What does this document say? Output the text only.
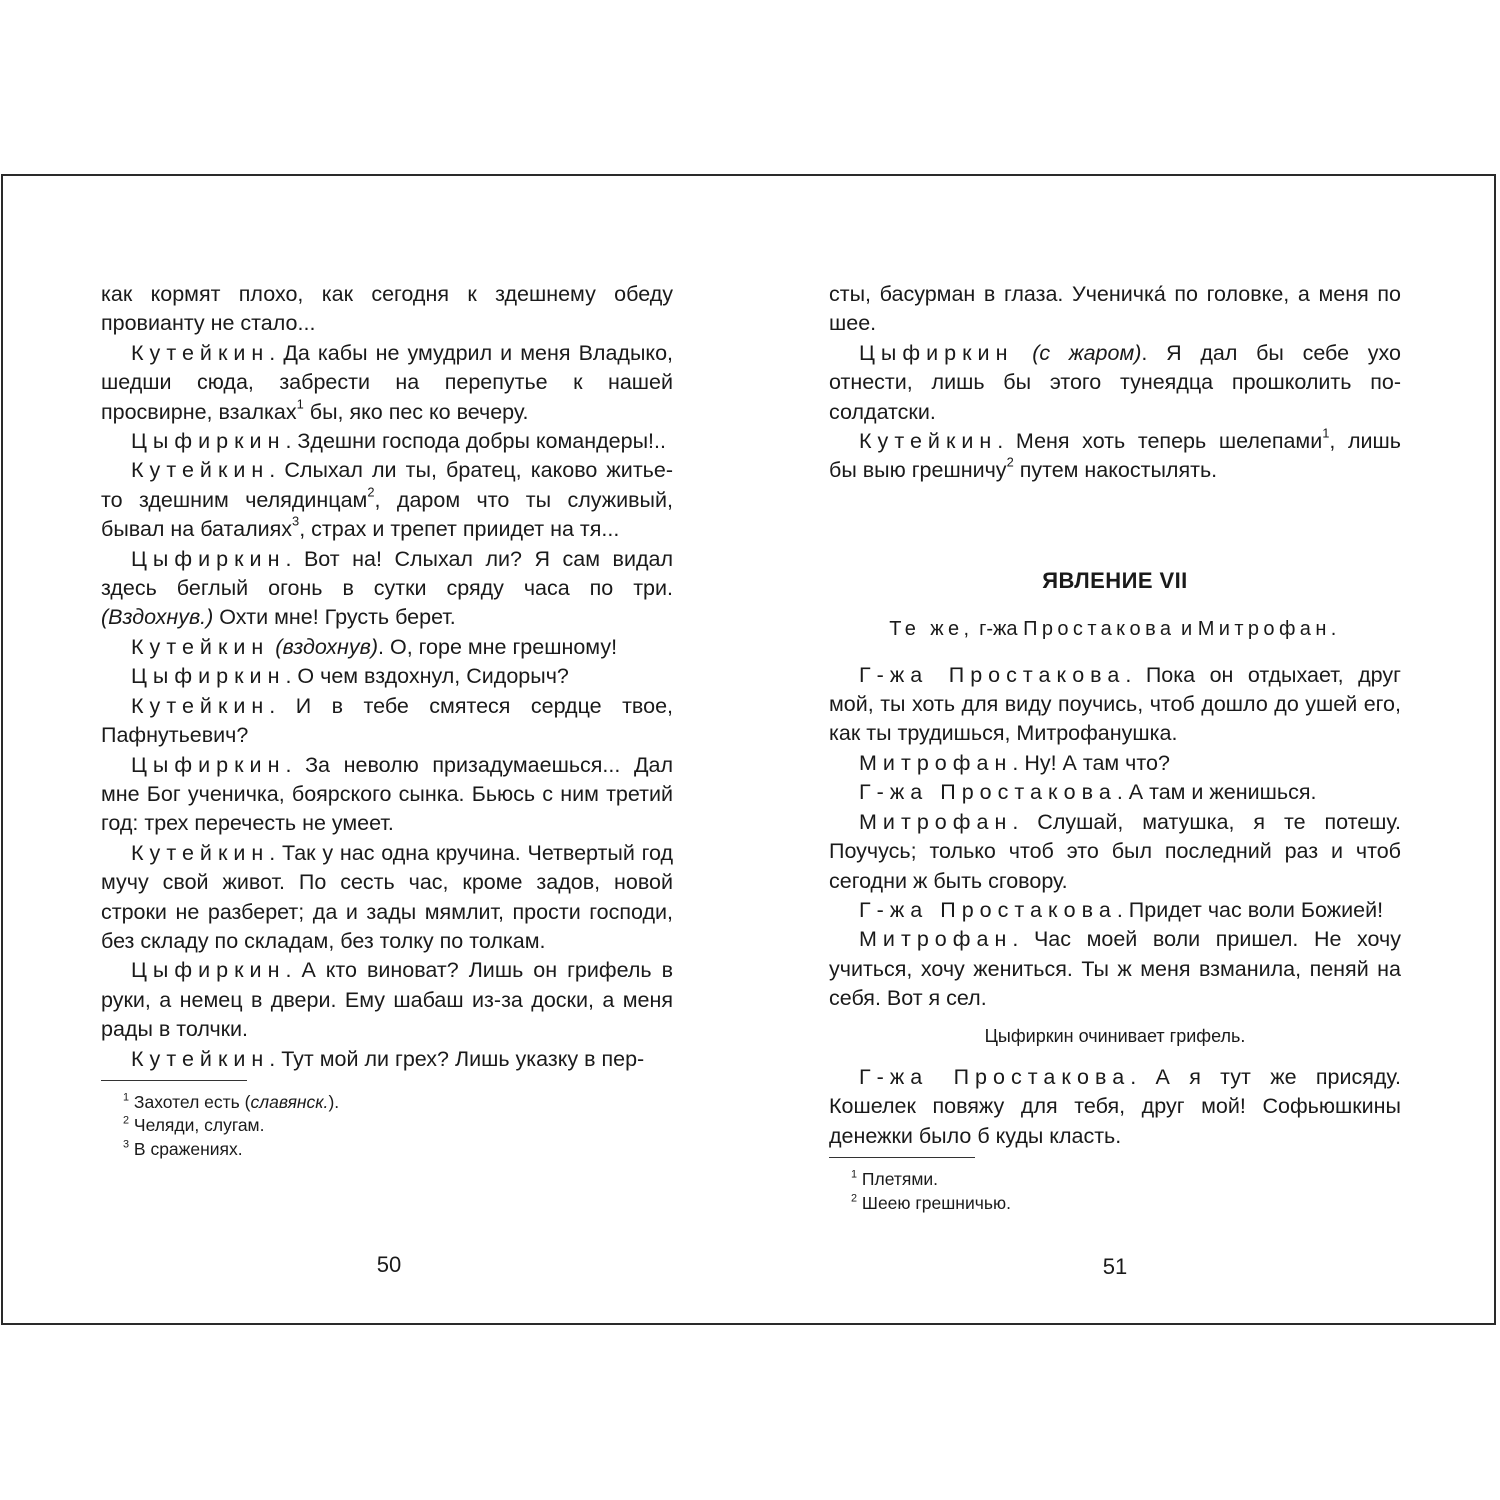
как кормят плохо, как сегодня к здешнему обеду провианту не стало...

Кутейкин. Да кабы не умудрил и меня Владыко, шедши сюда, забрести на перепутье к нашей просвирне, взалках$^1$ бы, яко пес ко вечеру.

Цыфиркин. Здешни господа добры командеры!..

Кутейкин. Слыхал ли ты, братец, каково житье-то здешним челядинцам$^2$, даром что ты служивый, бывал на баталиях$^3$, страх и трепет приидет на тя...

Цыфиркин. Вот на! Слыхал ли? Я сам видал здесь беглый огонь в сутки сряду часа по три. (Вздохнув.) Охти мне! Грусть берет.

Кутейкин (вздохнув). О, горе мне грешному!

Цыфиркин. О чем вздохнул, Сидорыч?

Кутейкин. И в тебе смятеся сердце твое, Пафнутьевич?

Цыфиркин. За неволю призадумаешься... Дал мне Бог ученичка, боярского сынка. Бьюсь с ним третий год: трех перечесть не умеет.

Кутейкин. Так у нас одна кручина. Четвертый год мучу свой живот. По сесть час, кроме задов, новой строки не разберет; да и зады мямлит, прости господи, без складу по складам, без толку по толкам.

Цыфиркин. А кто виноват? Лишь он грифель в руки, а немец в двери. Ему шабаш из-за доски, а меня рады в толчки.

Кутейкин. Тут мой ли грех? Лишь указку в пер-

$^1$ Захотел есть (славянск.).
$^2$ Челяди, слугам.
$^3$ В сражениях.
50

сты, басурман в глаза. Ученичка́ по головке, а меня по шее.

Цыфиркин (с жаром). Я дал бы себе ухо отнести, лишь бы этого тунеядца прошколить по-солдатски.

Кутейкин. Меня хоть теперь шелепами$^1$, лишь бы выю грешничу$^2$ путем накостылять.

ЯВЛЕНИЕ VII
Те же, г-жа Простакова и Митрофан.

Г-жа Простакова. Пока он отдыхает, друг мой, ты хоть для виду поучись, чтоб дошло до ушей его, как ты трудишься, Митрофанушка.

Митрофан. Ну! А там что?

Г-жа Простакова. А там и женишься.

Митрофан. Слушай, матушка, я те потешу. Поучусь; только чтоб это был последний раз и чтоб сегодни ж быть сговору.

Г-жа Простакова. Придет час воли Божией!

Митрофан. Час моей воли пришел. Не хочу учиться, хочу жениться. Ты ж меня взманила, пеняй на себя. Вот я сел.

Цыфиркин очинивает грифель.

Г-жа Простакова. А я тут же присяду. Кошелек повяжу для тебя, друг мой! Софьюшкины денежки было б куды класть.

$^1$ Плетями.
$^2$ Шеею грешничью.
51
